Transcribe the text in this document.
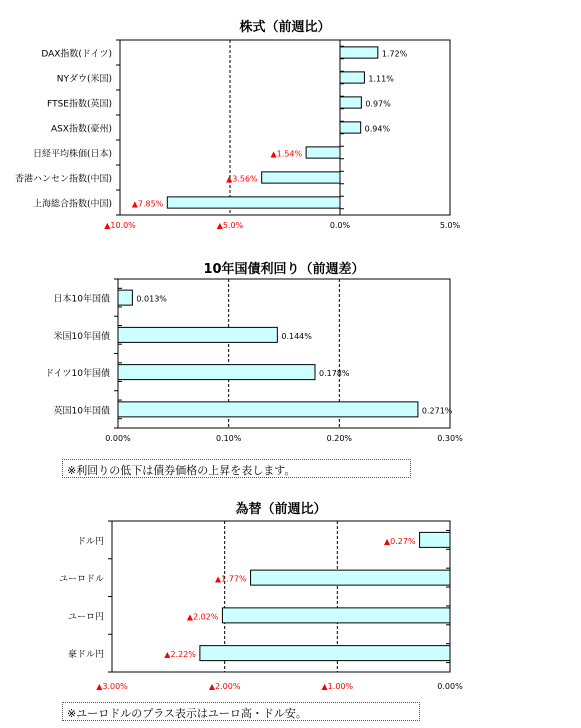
株式（前週比）
10年国債利回り（前週差）
為替（前週比）
DAX指数(ドイツ)	1.72%
NYダウ(米国)	1.11%
FTSE指数(英国)	0.97%
ASX指数(豪州)	0.94%
日経平均株価(日本)	▲1.54%
香港ハンセン指数(中国)	▲3.56%
上海総合指数(中国) ▲7.85%
▲10.0%	▲5.0%	0.0%	5.0%
日本10年国債	0.013%
米国10年国債	0.144%
ドイツ10年国債	0.178%
英国10年国債	0.271%
0.00%	0.10%	0.20%	0.30%
ドル円	▲0.27%
ユーロドル	▲1.77%
ユーロ円	▲2.02%
豪ドル円	▲2.22%
▲3.00%	▲2.00%	▲1.00%	0.00%
※利回りの低下は債券価格の上昇を表します。
※ユーロドルのプラス表示はユーロ高・ドル安。
